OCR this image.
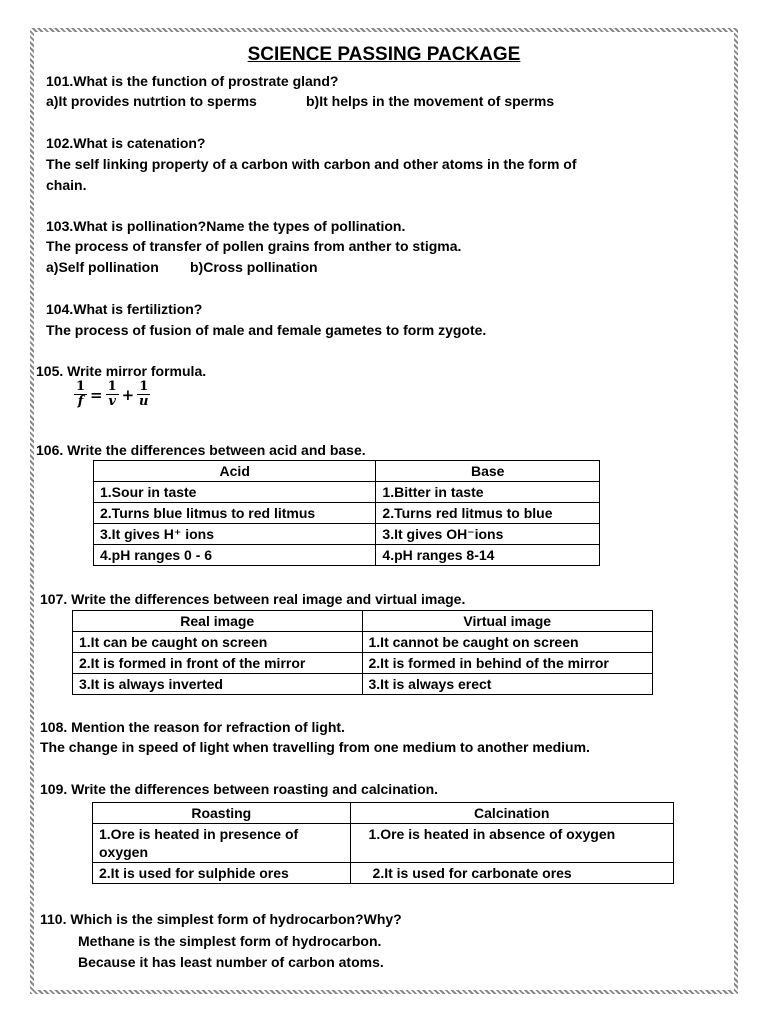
SCIENCE PASSING PACKAGE
101.What is the function of prostrate gland?
a)It provides nutrtion to sperms	b)It helps in the movement of sperms
102.What is catenation?
The self linking property of a carbon with carbon and other atoms in the form of
chain.
103.What is pollination?Name the types of pollination.
The process of transfer of pollen grains from anther to stigma.
a)Self pollination b)Cross pollination
104.What is fertiliztion?
The process of fusion of male and female gametes to form zygote.
105. Write mirror formula.
$\frac{1}{f} = \frac{1}{v} + \frac{1}{u}$
106. Write the differences between acid and base.
Acid	Base
1.Sour in taste	1.Bitter in taste
2.Turns blue litmus to red litmus	2.Turns red litmus to blue
3.It gives H⁺ ions	3.It gives OH⁻ions
4.pH ranges 0 - 6	4.pH ranges 8-14
107. Write the differences between real image and virtual image.
Real image	Virtual image
1.It can be caught on screen	1.It cannot be caught on screen
2.It is formed in front of the mirror	2.It is formed in behind of the mirror
3.It is always inverted	3.It is always erect
108. Mention the reason for refraction of light.
The change in speed of light when travelling from one medium to another medium.
109. Write the differences between roasting and calcination.
Roasting	Calcination
1.Ore is heated in presence of oxygen	1.Ore is heated in absence of oxygen
2.It is used for sulphide ores	2.It is used for carbonate ores
110. Which is the simplest form of hydrocarbon?Why?
Methane is the simplest form of hydrocarbon.
Because it has least number of carbon atoms.
